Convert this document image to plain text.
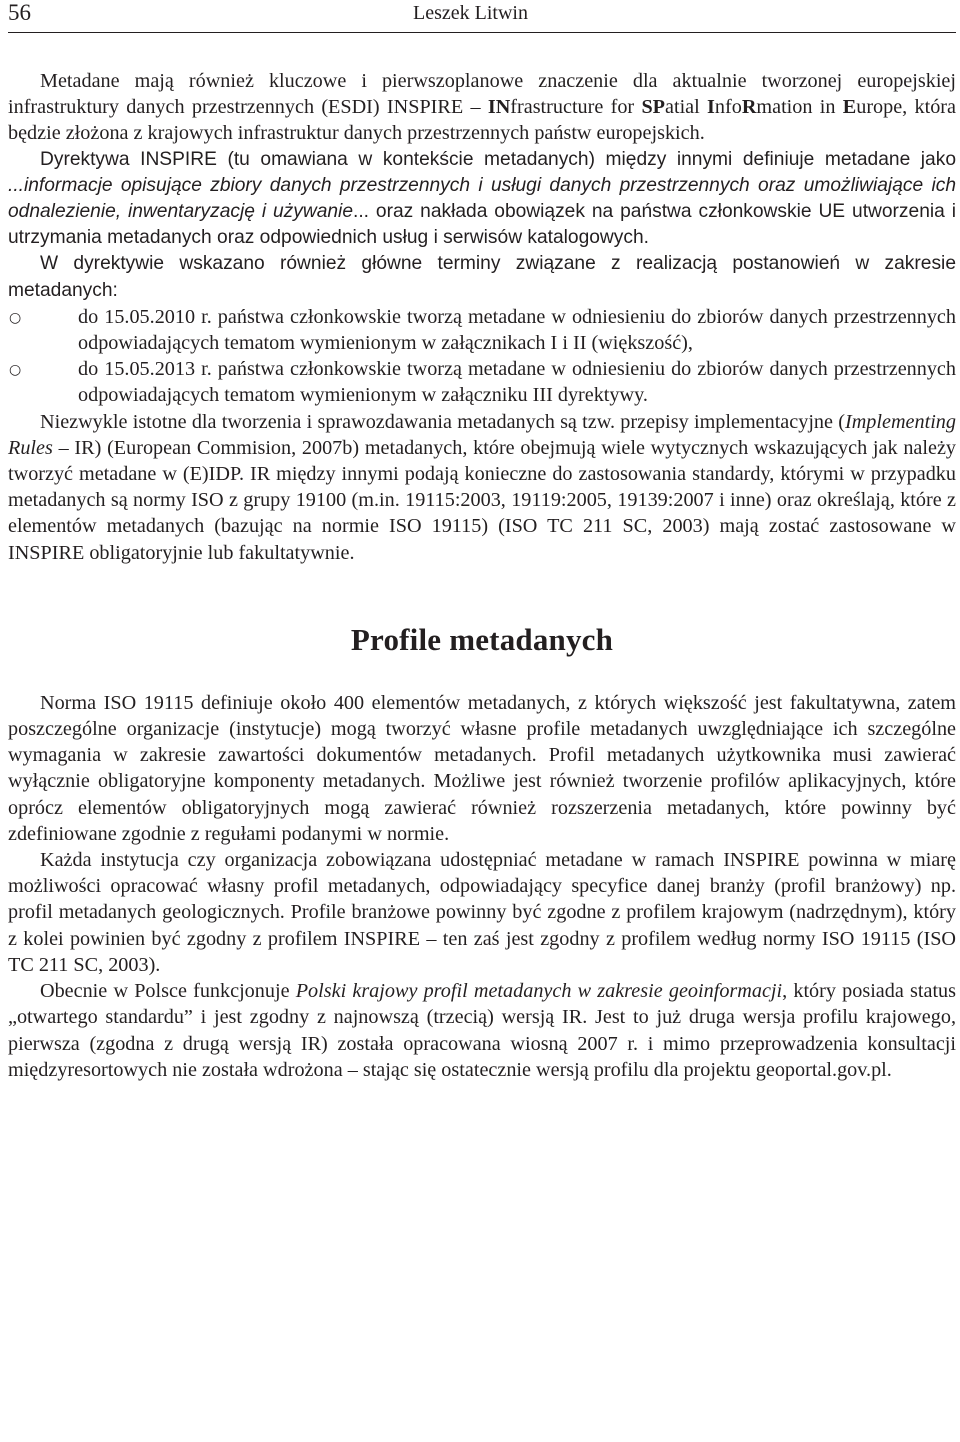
56	Leszek Litwin

Metadane mają również kluczowe i pierwszoplanowe znaczenie dla aktualnie tworzonej europejskiej infrastruktury danych przestrzennych (ESDI) INSPIRE – INfrastructure for SPatial InfoRmation in Europe, która będzie złożona z krajowych infrastruktur danych przestrzennych państw europejskich.

Dyrektywa INSPIRE (tu omawiana w kontekście metadanych) między innymi definiuje metadane jako ...informacje opisujące zbiory danych przestrzennych i usługi danych przestrzennych oraz umożliwiające ich odnalezienie, inwentaryzację i używanie... oraz nakłada obowiązek na państwa członkowskie UE utworzenia i utrzymania metadanych oraz odpowiednich usług i serwisów katalogowych.

W dyrektywie wskazano również główne terminy związane z realizacją postanowień w zakresie metadanych:

○	do 15.05.2010 r. państwa członkowskie tworzą metadane w odniesieniu do zbiorów danych przestrzennych odpowiadających tematom wymienionym w załącznikach I i II (większość),
○	do 15.05.2013 r. państwa członkowskie tworzą metadane w odniesieniu do zbiorów danych przestrzennych odpowiadających tematom wymienionym w załączniku III dyrektywy.

Niezwykle istotne dla tworzenia i sprawozdawania metadanych są tzw. przepisy implementacyjne (Implementing Rules – IR) (European Commision, 2007b) metadanych, które obejmują wiele wytycznych wskazujących jak należy tworzyć metadane w (E)IDP. IR między innymi podają konieczne do zastosowania standardy, którymi w przypadku metadanych są normy ISO z grupy 19100 (m.in. 19115:2003, 19119:2005, 19139:2007 i inne) oraz określają, które z elementów metadanych (bazując na normie ISO 19115) (ISO TC 211 SC, 2003) mają zostać zastosowane w INSPIRE obligatoryjnie lub fakultatywnie.

Profile metadanych

Norma ISO 19115 definiuje około 400 elementów metadanych, z których większość jest fakultatywna, zatem poszczególne organizacje (instytucje) mogą tworzyć własne profile metadanych uwzględniające ich szczególne wymagania w zakresie zawartości dokumentów metadanych. Profil metadanych użytkownika musi zawierać wyłącznie obligatoryjne komponenty metadanych. Możliwe jest również tworzenie profilów aplikacyjnych, które oprócz elementów obligatoryjnych mogą zawierać również rozszerzenia metadanych, które powinny być zdefiniowane zgodnie z regułami podanymi w normie.

Każda instytucja czy organizacja zobowiązana udostępniać metadane w ramach INSPIRE powinna w miarę możliwości opracować własny profil metadanych, odpowiadający specyfice danej branży (profil branżowy) np. profil metadanych geologicznych. Profile branżowe powinny być zgodne z profilem krajowym (nadrzędnym), który z kolei powinien być zgodny z profilem INSPIRE – ten zaś jest zgodny z profilem według normy ISO 19115 (ISO TC 211 SC, 2003).

Obecnie w Polsce funkcjonuje Polski krajowy profil metadanych w zakresie geoinformacji, który posiada status „otwartego standardu” i jest zgodny z najnowszą (trzecią) wersją IR. Jest to już druga wersja profilu krajowego, pierwsza (zgodna z drugą wersją IR) została opracowana wiosną 2007 r. i mimo przeprowadzenia konsultacji międzyresortowych nie została wdrożona – stając się ostatecznie wersją profilu dla projektu geoportal.gov.pl.
